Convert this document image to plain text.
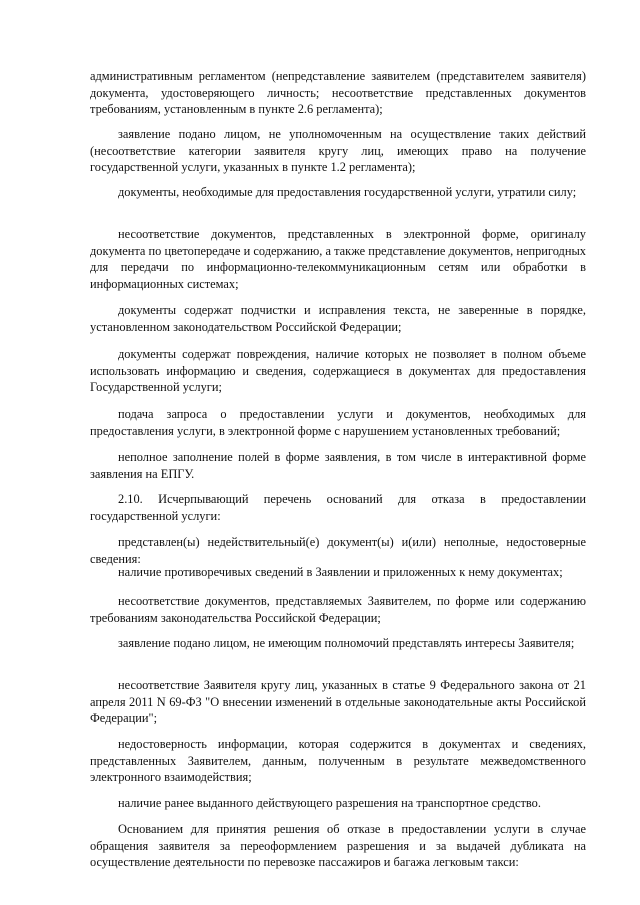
административным регламентом (непредставление заявителем (представителем заявителя) документа, удостоверяющего личность; несоответствие представленных документов требованиям, установленным в пункте 2.6 регламента);

заявление подано лицом, не уполномоченным на осуществление таких действий (несоответствие категории заявителя кругу лиц, имеющих право на получение государственной услуги, указанных в пункте 1.2 регламента);

документы, необходимые для предоставления государственной услуги, утратили силу;

несоответствие документов, представленных в электронной форме, оригиналу документа по цветопередаче и содержанию, а также представление документов, непригодных для передачи по информационно-телекоммуникационным сетям или обработки в информационных системах;

документы содержат подчистки и исправления текста, не заверенные в порядке, установленном законодательством Российской Федерации;

документы содержат повреждения, наличие которых не позволяет в полном объеме использовать информацию и сведения, содержащиеся в документах для предоставления Государственной услуги;

подача запроса о предоставлении услуги и документов, необходимых для предоставления услуги, в электронной форме с нарушением установленных требований;

неполное заполнение полей в форме заявления, в том числе в интерактивной форме заявления на ЕПГУ.

2.10. Исчерпывающий перечень оснований для отказа в предоставлении государственной услуги:

представлен(ы) недействительный(е) документ(ы) и(или) неполные, недостоверные сведения:

наличие противоречивых сведений в Заявлении и приложенных к нему документах;

несоответствие документов, представляемых Заявителем, по форме или содержанию требованиям законодательства Российской Федерации;

заявление подано лицом, не имеющим полномочий представлять интересы Заявителя;

несоответствие Заявителя кругу лиц, указанных в статье 9 Федерального закона от 21 апреля 2011 N 69-ФЗ "О внесении изменений в отдельные законодательные акты Российской Федерации";

недостоверность информации, которая содержится в документах и сведениях, представленных Заявителем, данным, полученным в результате межведомственного электронного взаимодействия;

наличие ранее выданного действующего разрешения на транспортное средство.

Основанием для принятия решения об отказе в предоставлении услуги в случае обращения заявителя за переоформлением разрешения и за выдачей дубликата на осуществление деятельности по перевозке пассажиров и багажа легковым такси:
